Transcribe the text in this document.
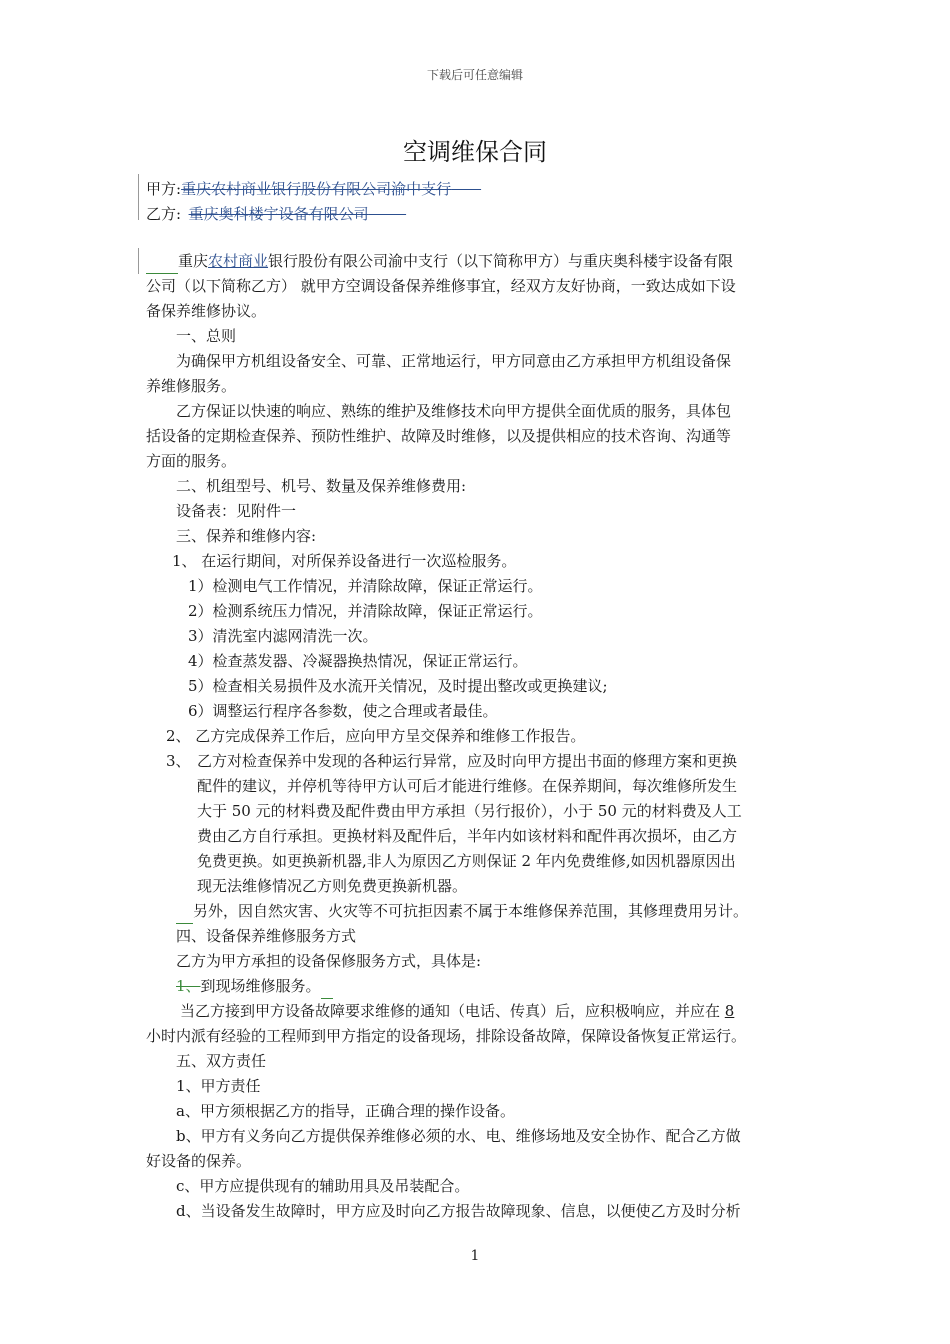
下载后可任意编辑
空调维保合同
甲方:重庆农村商业银行股份有限公司渝中支行  
乙方:  重庆奥科楼宇设备有限公司   
重庆农村商业银行股份有限公司渝中支行（以下简称甲方）与重庆奥科楼宇设备有限
公司（以下简称乙方） 就甲方空调设备保养维修事宜，经双方友好协商，一致达成如下设
备保养维修协议。
一、总则
为确保甲方机组设备安全、可靠、正常地运行，甲方同意由乙方承担甲方机组设备保
养维修服务。
乙方保证以快速的响应、熟练的维护及维修技术向甲方提供全面优质的服务，具体包
括设备的定期检查保养、预防性维护、故障及时维修，以及提供相应的技术咨询、沟通等
方面的服务。
二、机组型号、机号、数量及保养维修费用:
设备表：见附件一
三、保养和维修内容:
1、 在运行期间，对所保养设备进行一次巡检服务。
1）检测电气工作情况，并清除故障，保证正常运行。
2）检测系统压力情况，并清除故障，保证正常运行。
3）清洗室内滤网清洗一次。
4）检查蒸发器、冷凝器换热情况，保证正常运行。
5）检查相关易损件及水流开关情况，及时提出整改或更换建议;
6）调整运行程序各参数，使之合理或者最佳。
2、 乙方完成保养工作后，应向甲方呈交保养和维修工作报告。
3、 乙方对检查保养中发现的各种运行异常，应及时向甲方提出书面的修理方案和更换
配件的建议，并停机等待甲方认可后才能进行维修。在保养期间，每次维修所发生
大于 50 元的材料费及配件费由甲方承担（另行报价），小于 50 元的材料费及人工
费由乙方自行承担。更换材料及配件后，半年内如该材料和配件再次损坏，由乙方
免费更换。如更换新机器,非人为原因乙方则保证 2 年内免费维修,如因机器原因出
现无法维修情况乙方则免费更换新机器。
另外，因自然灾害、火灾等不可抗拒因素不属于本维修保养范围，其修理费用另计。
四、设备保养维修服务方式
乙方为甲方承担的设备保修服务方式，具体是:
1、到现场维修服务。
当乙方接到甲方设备故障要求维修的通知（电话、传真）后，应积极响应，并应在 8
小时内派有经验的工程师到甲方指定的设备现场，排除设备故障，保障设备恢复正常运行。
五、双方责任
1、甲方责任
a、甲方须根据乙方的指导，正确合理的操作设备。
b、甲方有义务向乙方提供保养维修必须的水、电、维修场地及安全协作、配合乙方做
好设备的保养。
c、甲方应提供现有的辅助用具及吊装配合。
d、当设备发生故障时，甲方应及时向乙方报告故障现象、信息，以便使乙方及时分析
1
